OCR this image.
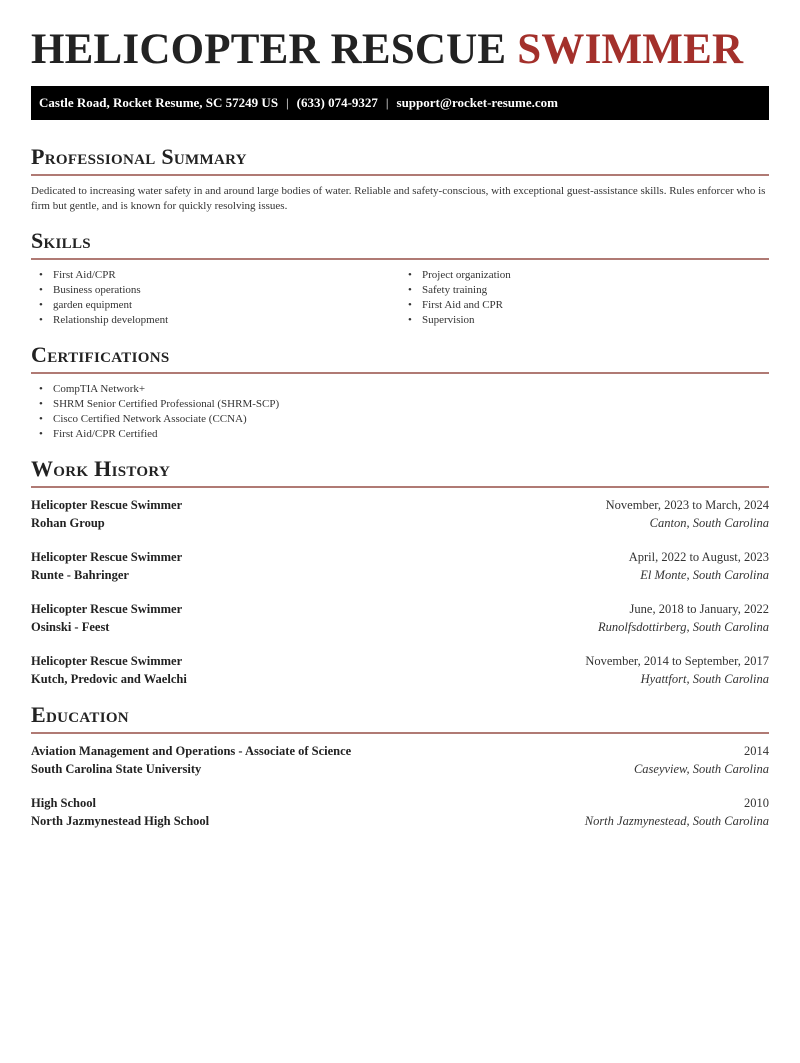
HELICOPTER RESCUE SWIMMER
Castle Road, Rocket Resume, SC 57249 US | (633) 074-9327 | support@rocket-resume.com
Professional Summary

Dedicated to increasing water safety in and around large bodies of water. Reliable and safety-conscious, with exceptional guest-assistance skills. Rules enforcer who is firm but gentle, and is known for quickly resolving issues.

Skills
• First Aid/CPR
• Business operations
• garden equipment
• Relationship development
• Project organization
• Safety training
• First Aid and CPR
• Supervision
Certifications
• CompTIA Network+
• SHRM Senior Certified Professional (SHRM-SCP)
• Cisco Certified Network Associate (CCNA)
• First Aid/CPR Certified
Work History
Helicopter Rescue Swimmer	November, 2023 to March, 2024
Rohan Group	Canton, South Carolina
Helicopter Rescue Swimmer	April, 2022 to August, 2023
Runte - Bahringer	El Monte, South Carolina
Helicopter Rescue Swimmer	June, 2018 to January, 2022
Osinski - Feest	Runolfsdottirberg, South Carolina
Helicopter Rescue Swimmer	November, 2014 to September, 2017
Kutch, Predovic and Waelchi	Hyattfort, South Carolina
Education
Aviation Management and Operations - Associate of Science	2014
South Carolina State University	Caseyview, South Carolina
High School	2010
North Jazmynestead High School	North Jazmynestead, South Carolina
